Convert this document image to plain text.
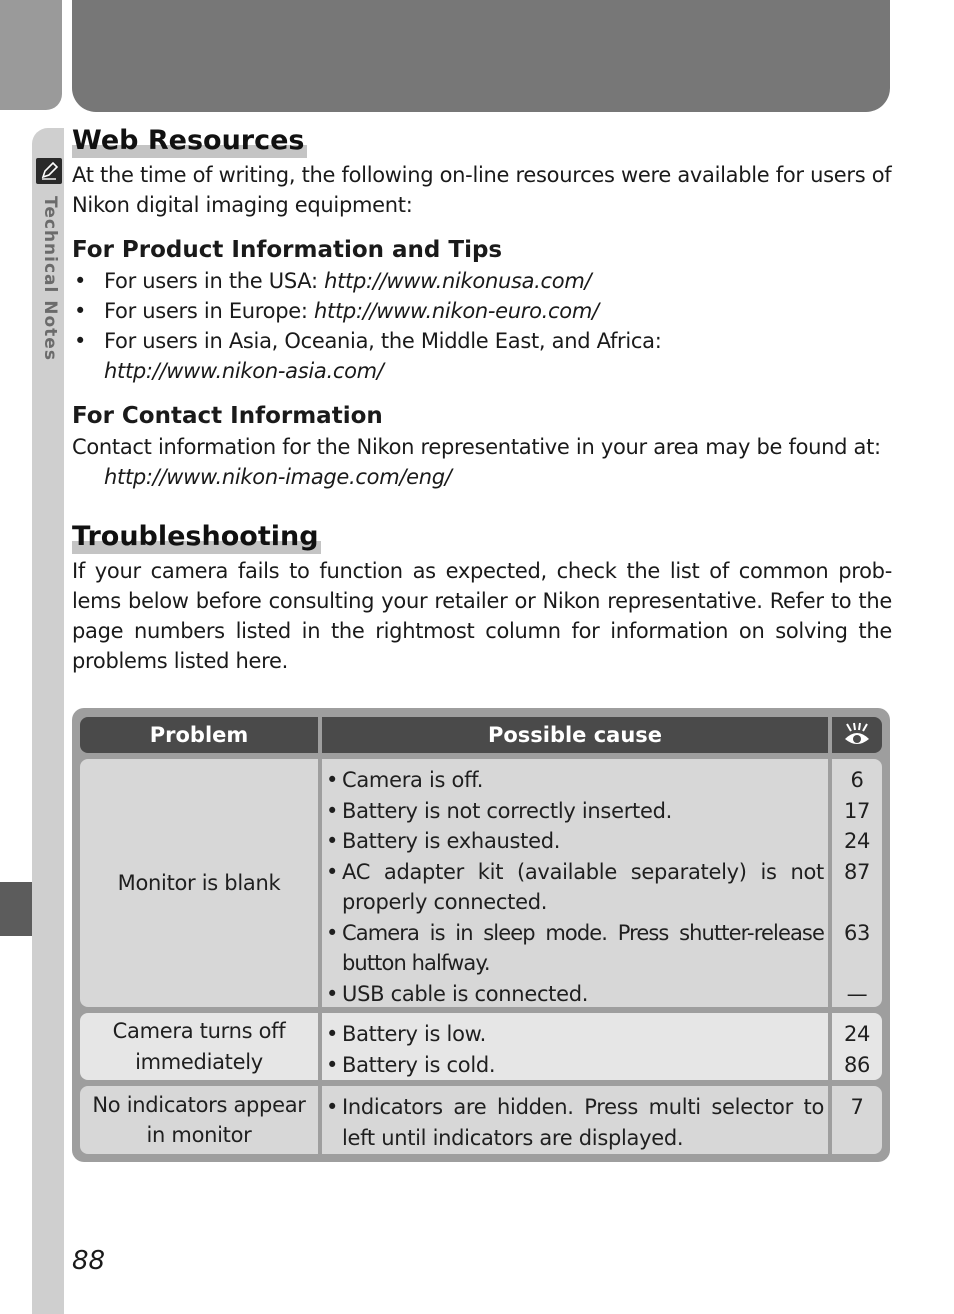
Technical Notes
Web Resources

At the time of writing, the following on-line resources were available for users of Nikon digital imaging equipment:

For Product Information and Tips
• For users in the USA: http://www.nikonusa.com/
• For users in Europe: http://www.nikon-euro.com/
• For users in Asia, Oceania, the Middle East, and Africa:
http://www.nikon-asia.com/
For Contact Information

Contact information for the Nikon representative in your area may be found at:

http://www.nikon-image.com/eng/

Troubleshooting

If your camera fails to function as expected, check the list of common prob-lems below before consulting your retailer or Nikon representative. Refer to the page numbers listed in the rightmost column for information on solving the problems listed here.

Problem	Possible cause
Monitor is blank
• Camera is off.
• Battery is not correctly inserted.
• Battery is exhausted.
• AC adapter kit (available separately) is not properly connected.
• Camera is in sleep mode. Press shutter-release button halfway.
• USB cable is connected.
6
17
24
87
63
—
Camera turns off immediately
• Battery is low.
• Battery is cold.
24
86
No indicators appear in monitor
• Indicators are hidden. Press multi selector to left until indicators are displayed.
7
88
